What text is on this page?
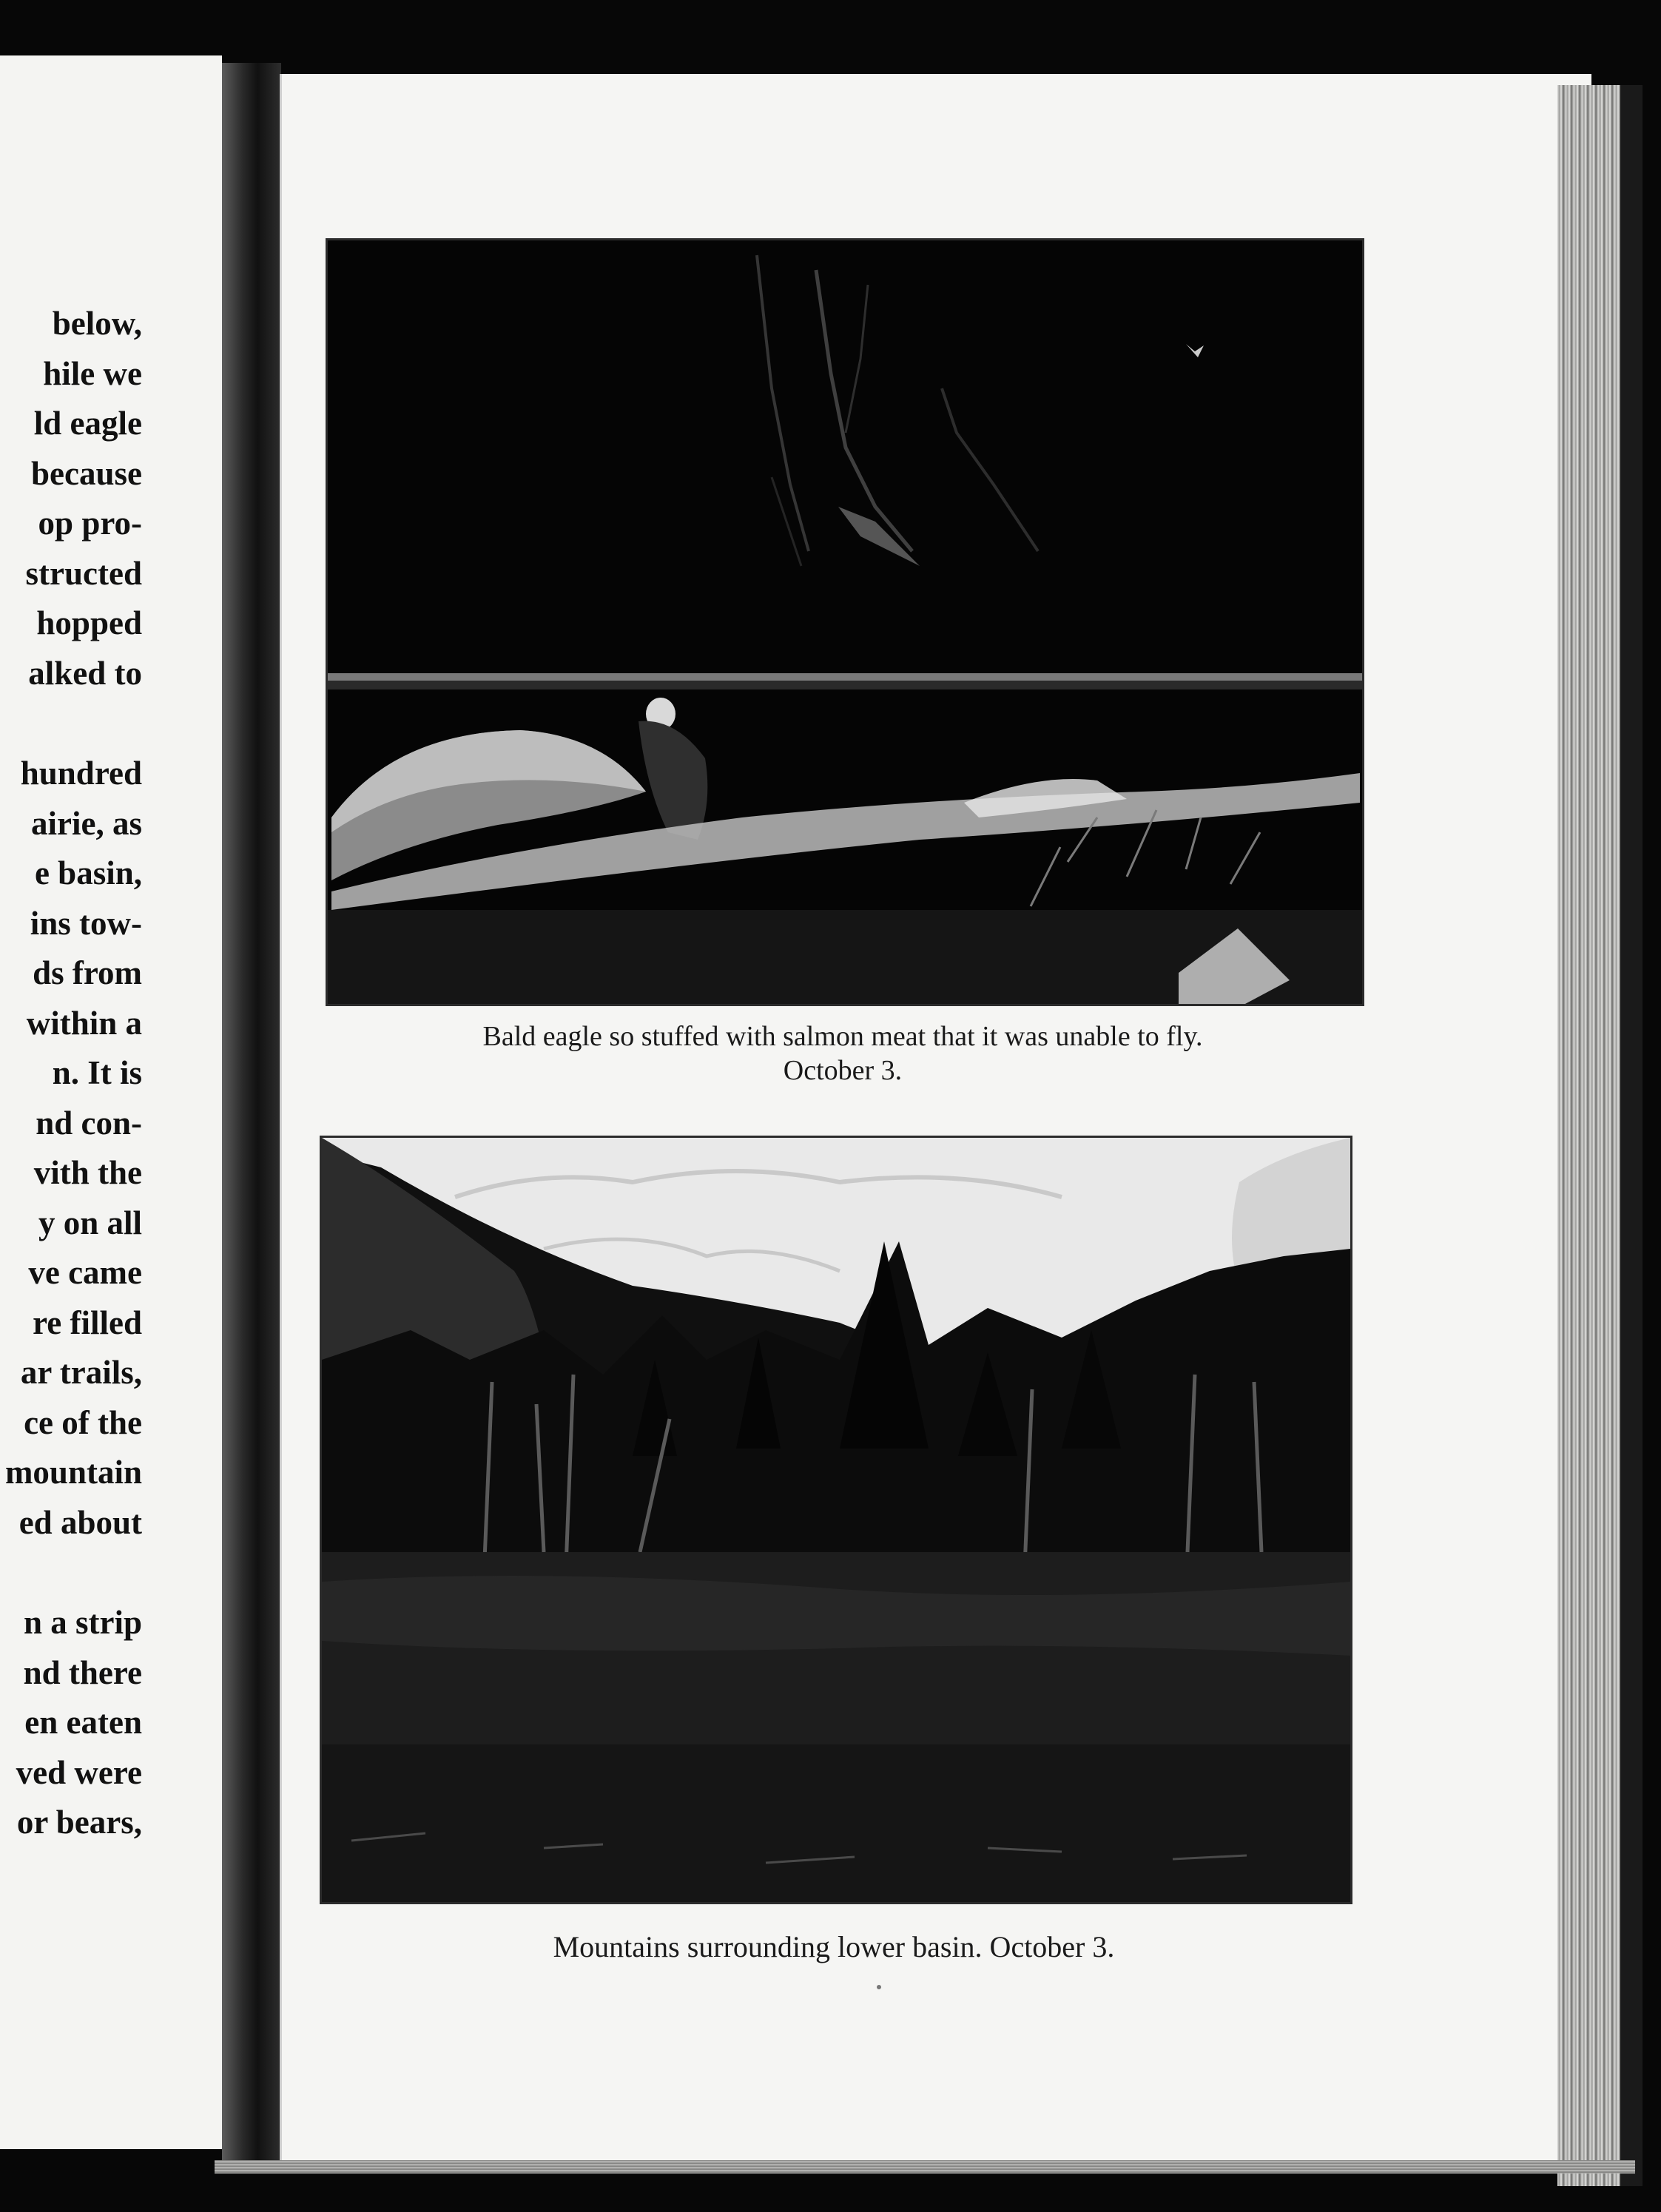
below,
hile we
ld eagle
because
op pro-
structed
hopped
alked to
hundred
airie, as
e basin,
ins tow-
ds from
within a
n. It is
nd con-
vith the
y on all
ve came
re filled
ar trails,
ce of the
mountain
ed about
n a strip
nd there
en eaten
ved were
or bears,
Bald eagle so stuffed with salmon meat that it was unable to fly.
October 3.
Mountains surrounding lower basin. October 3.
